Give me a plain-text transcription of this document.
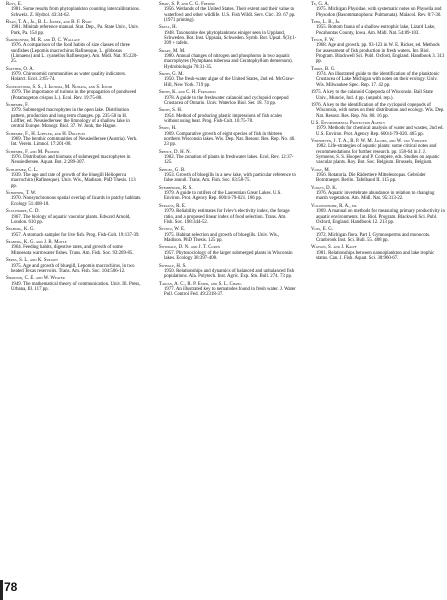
Rott, E.
1981. Some results from phytoplankton counting intercalibrations. Schweiz. Z. Hydrol. 43:34-62.

Ryan, T. A., Jr., B. L. Joiner, and B. F. Ryan
1981. Minitab reference manual. Stat. Dep., Pa. State Univ., Univ. Park, Pa. 154 pp.

Sadzikowski, M. R. and D. C. Wallace
1976. A comparison of the food habits of size classes of three sunfishes (Lepomis macrochirus Rafinesque, L. gibbosus (Linnaeus) and L. cyanellus Rafinesque). Am. Midl. Nat. 95:220-25.

Saether, O. A.
1979. Chironomid communities as water quality indicators. Holarct. Ecol. 2:65-74.

Sastroutomo, S. S., I. Ikusima, M. Numata, and S. Iizumi
1979. The importance of turions in the propagation of pondweed (Potamogeton crispus L.). Ecol. Rev. 19:75-88.

Schiemer, F.
1979. Submerged macrophytes in the open lake. Distribution pattern, production and long term changes. pp. 235-50 in H. Löffler, ed. Neusiedlersee: the limnology of a shallow lake in central Europe. Monogr. Biol. 37. W. Junk, the Hague.

Schiemer, F., H. Löffler, and H. Dollfuss
1969. The benthic communities of Neusiedlersee (Austria). Verh. Int. Verein. Limnol. 17:201-08.

Schiemer, F. and M. Prosser
1976. Distribution and biomass of submerged macrophytes in Neusiedlersee. Aquat. Bot. 2:289-307.

Schloemer, C. L.
1939. The age and rate of growth of the bluegill Helioperca macrochira (Rafinesque). Univ. Wis., Madison. PhD Thesis. 113 pp.

Schoener, T. W.
1970. Nonsynchronous spatial overlap of lizards in patchy habitats. Ecology 51:408-18.

Sculthorpe, C. D.
1967. The biology of aquatic vascular plants. Edward Arnold, London. 610 pp.

Seaburg, K. G.
1957. A stomach sampler for live fish. Prog. Fish-Cult. 19:137-39.

Seaburg, K. G. and J. B. Moyle
1964. Feeding habits, digestive rates, and growth of some Minnesota warmwater fishes. Trans. Am. Fish. Soc. 93:269-85.

Serns, S. L. and K. Strawn
1975. Age and growth of bluegill, Lepomis macrochirus, in two heated Texas reservoirs. Trans. Am. Fish. Soc. 104:506-12.

Shannon, C. E. and W. Weaver
1949. The mathematical theory of communication. Univ. Ill. Press, Urbana, Ill. 117 pp.

Shaw, S. P. and C. G. Fredine
1956. Wetlands of the United States. Their extent and their value to waterfowl and other wildlife. U.S. Fish Wildl. Serv. Circ. 39. 67 pp. (1971 printing).

Skuja, H.
1948. Taxonomie des phytoplanktons einiger seen in Uppland, Schweden. Bot. Inst. Uppsala, Schweden. Symb. Bot. Upsal. 9(3):1-399 + tafeln.

Smart, M. M.
1980. Annual changes of nitrogen and phosphorus in two aquatic macrophytes (Nymphaea tuberosa and Ceratophyllum demersum). Hydrobiologia 70:31-35.

Smith, G. M.
1950. The fresh-water algae of the United States, 2nd ed. McGraw-Hill, New York. 719 pp.

Smith, K. and C. H. Fernando
1978. A guide to the freshwater calanoid and cyclopoid copepod Crustacea of Ontario. Univ. Waterloo Biol. Ser. 18. 74 pp.

Smith, S. H.
1954. Method of producing plastic impressions of fish scales without using heat. Prog. Fish-Cult. 16:75-78.

Snow, H.
1969. Comparative growth of eight species of fish in thirteen northern Wisconsin lakes. Wis. Dep. Nat. Resour. Res. Rep. No. 46. 23 pp.

Spence, D. H. N.
1982. The zonation of plants in freshwater lakes. Ecol. Rev. 12:37-125.

Spiegel, G. B.
1953. Growth of bluegills in a new lake, with particular reference to false annuli. Trans. Am. Fish. Soc. 83:58-75.

Stemberger, R. S.
1979. A guide to rotifers of the Laurentian Great Lakes. U.S. Environ. Prot. Agency Rep. 600/4-79-021. 186 pp.

Strauss, R. E.
1979. Reliability estimates for Ivlev's electivity index, the forage ratio, and a proposed linear index of food selection. Trans. Am. Fish. Soc. 108:344-52.

Stuntz, W. E.
1975. Habitat selection and growth of bluegills. Univ. Wis., Madison. PhD Thesis. 125 pp.

Swindale, D. N. and J. T. Curtis
1957. Phytosociology of the larger submerged plants in Wisconsin lakes. Ecology 38:397-408.

Swingle, H. S.
1950. Relationships and dynamics of balanced and unbalanced fish populations. Ala. Polytech. Inst. Agric. Exp. Stn. Bull. 274. 73 pp.

Tarjan, A. C., R. P. Esser, and S. L. Chang
1977. An illustrated key to nematodes found in fresh water. J. Water Poll. Control Fed. 49:2318-37.

Te, G. A.
1975. Michigan Physidae, with systematic notes on Physella and Physodon (Basommatophora: Pulmonata). Malacol. Rev. 8:7-30.

Tebo, L. B., Jr.
1955. Bottom fauna of a shallow eutrophic lake, Lizard Lake, Pocahontas County, Iowa. Am. Midl. Nat. 54:89-103.

Tesch, F. W.
1968. Age and growth. pp. 93-123 in W. E. Ricker, ed. Methods for assessment of fish production in fresh waters. Int. Biol. Program. Blackwell Sci. Publ. Oxford, England. Handbook 3. 313 pp.

Torke, B. G.
1974. An illustrated guide to the identification of the planktonic Crustacea of Lake Michigan with notes on their ecology. Univ. Wis. Milwaukee Spec. Rep. 17. 42 pp.

1975. A key to the calanoid Copepoda of Wisconsin. Ball State Univ., Muncie, Ind. 4 pp. (unpubl. rep.).

1976. A key to the identification of the cyclopoid copepods of Wisconsin, with notes on their distribution and ecology. Wis. Dep. Nat. Resour. Res. Rep. No. 88. 16 pp.

U.S. Environmental Protection Agency
1979. Methods for chemical analysis of water and wastes, 2nd ed. U.S. Environ. Prot. Agency Rep. 600/4-79-020. 465 pp.

Verhoeven, J. T. A., R. P. W. M. Jacobs, and W. van Vierssen
1982. Life-strategies of aquatic plants: some critical notes and recommendations for further research. pp. 158-64 in J. J. Symoens, S. S. Hooper and P. Compère, eds. Studies on aquatic vascular plants. Roy. Bot. Soc. Belgium. Brussels, Belgium.

Voigt, M.
1956. Rotatoria. Die Rädertiere Mitteleuropas. Gebrüder Borntraeger. Berlin. Tafelband II. 115 pp.

Voigts, D. K.
1976. Aquatic invertebrate abundance in relation to changing marsh vegetation. Am. Midl. Nat. 95:313-22.

Vollenweider, R. A., ed.
1969. A manual on methods for measuring primary productivity in aquatic environments. Int. Biol. Program. Blackwell Sci. Publ. Oxford, England. Handbook 12. 213 pp.

Voss, E. G.
1972. Michigan flora. Part I. Gymnosperms and monocots. Cranbrook Inst. Sci. Bull. 55. 488 pp.

Watson, S. and J. Kalff
1981. Relationships between nannoplankton and lake trophic status. Can. J. Fish. Aquat. Sci. 38:960-67.

78
